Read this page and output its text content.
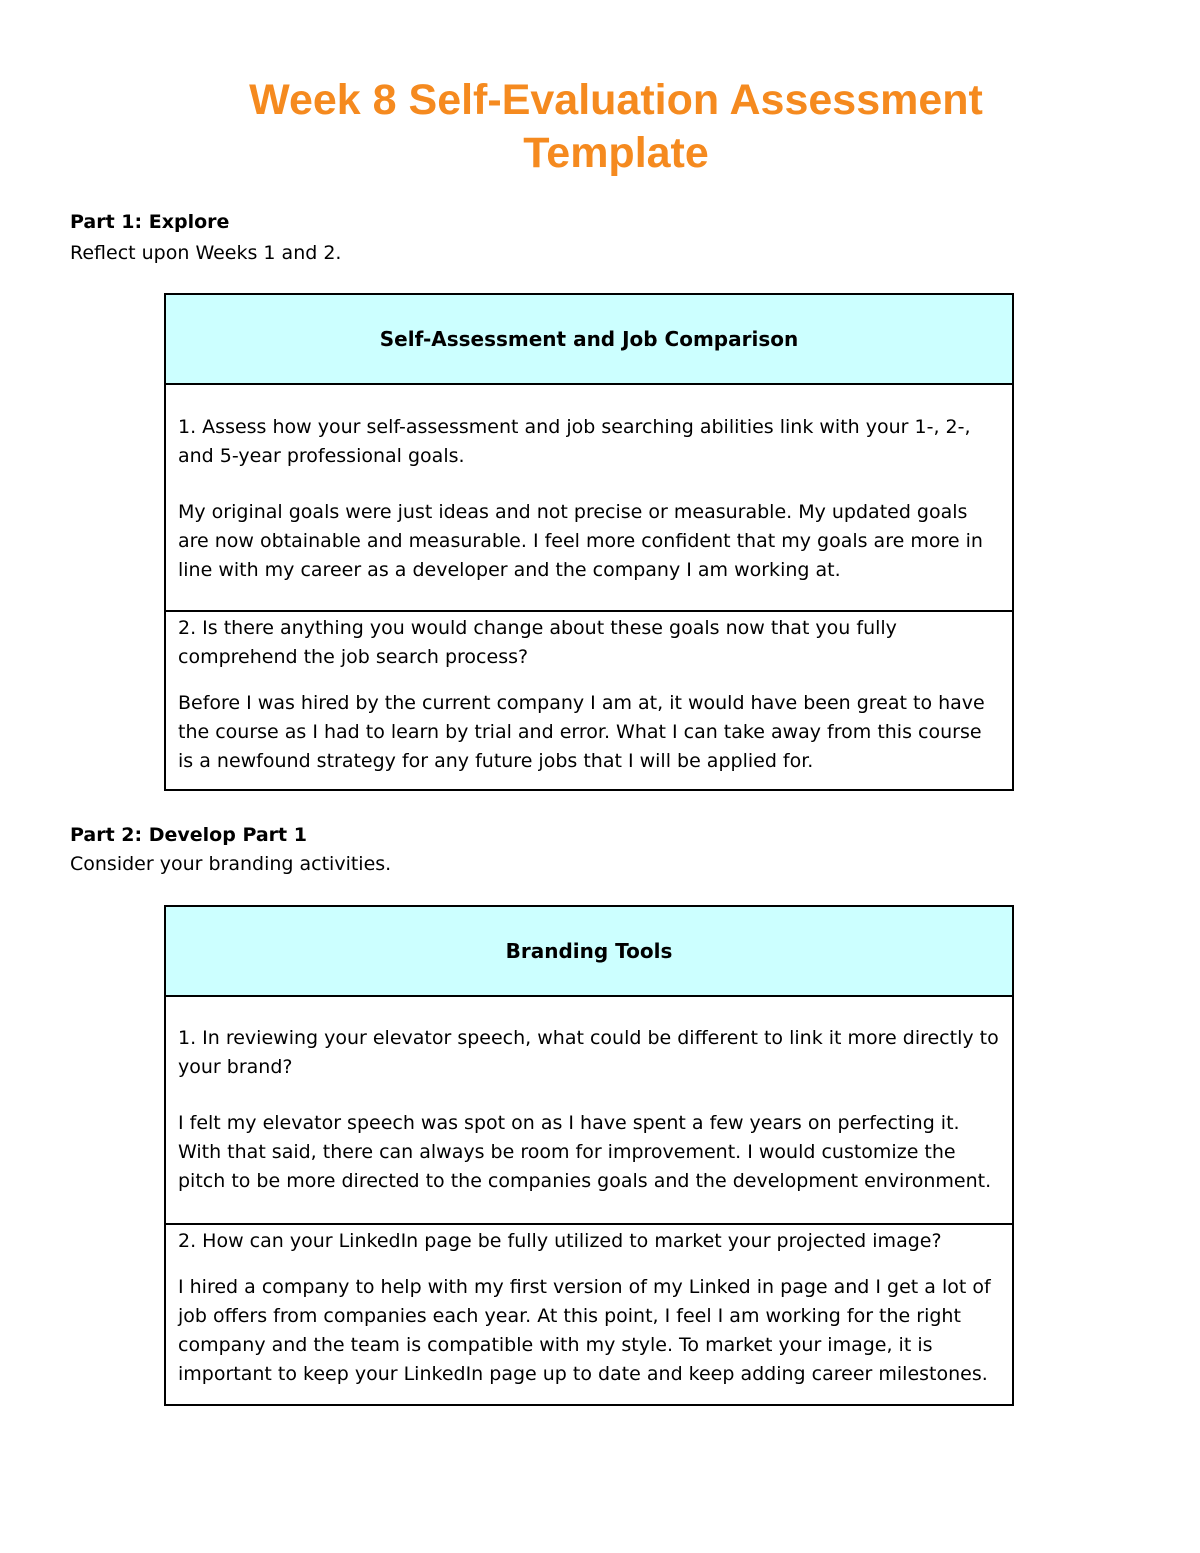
Week 8 Self-Evaluation Assessment
Template
Part 1: Explore
Reflect upon Weeks 1 and 2.
Self-Assessment and Job Comparison

1. Assess how your self-assessment and job searching abilities link with your 1-, 2-, and 5-year professional goals.

My original goals were just ideas and not precise or measurable. My updated goals are now obtainable and measurable. I feel more confident that my goals are more in line with my career as a developer and the company I am working at.

2. Is there anything you would change about these goals now that you fully comprehend the job search process?

Before I was hired by the current company I am at, it would have been great to have the course as I had to learn by trial and error. What I can take away from this course is a newfound strategy for any future jobs that I will be applied for.

Part 2: Develop Part 1
Consider your branding activities.
Branding Tools

1. In reviewing your elevator speech, what could be different to link it more directly to your brand?

I felt my elevator speech was spot on as I have spent a few years on perfecting it. With that said, there can always be room for improvement. I would customize the pitch to be more directed to the companies goals and the development environment.

2. How can your LinkedIn page be fully utilized to market your projected image?

I hired a company to help with my first version of my Linked in page and I get a lot of job offers from companies each year. At this point, I feel I am working for the right company and the team is compatible with my style. To market your image, it is important to keep your LinkedIn page up to date and keep adding career milestones.
